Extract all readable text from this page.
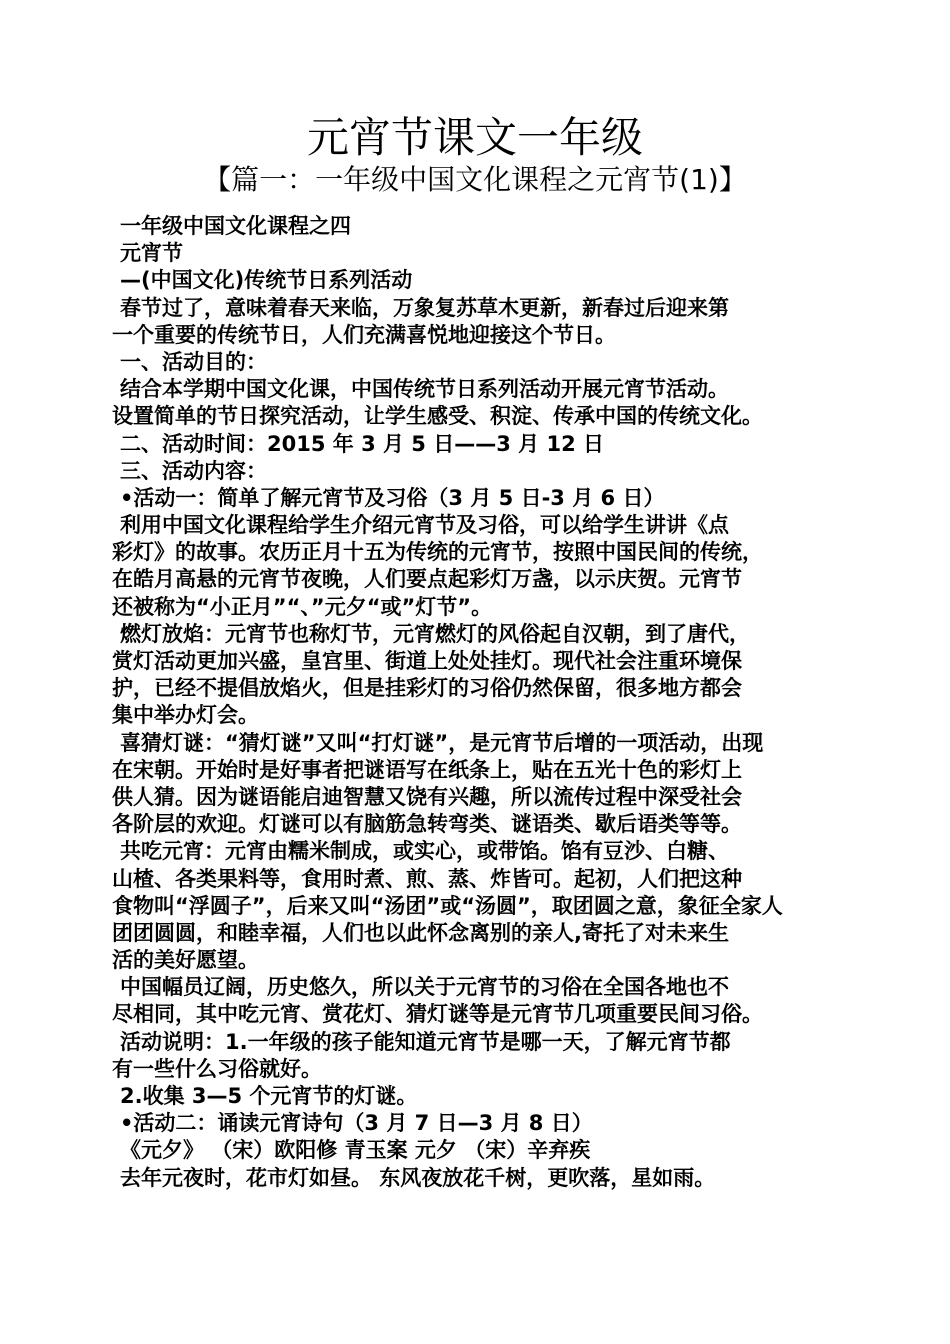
元宵节课文一年级
【篇一：一年级中国文化课程之元宵节(1)】
一年级中国文化课程之四
元宵节
—(中国文化)传统节日系列活动
春节过了，意味着春天来临，万象复苏草木更新，新春过后迎来第
一个重要的传统节日，人们充满喜悦地迎接这个节日。
一、活动目的：
结合本学期中国文化课，中国传统节日系列活动开展元宵节活动。
设置简单的节日探究活动，让学生感受、积淀、传承中国的传统文化。
二、活动时间：2015 年 3 月 5 日——3 月 12 日
三、活动内容：
•活动一：简单了解元宵节及习俗（3 月 5 日-3 月 6 日）
利用中国文化课程给学生介绍元宵节及习俗，可以给学生讲讲《点
彩灯》的故事。农历正月十五为传统的元宵节，按照中国民间的传统，
在皓月高悬的元宵节夜晚，人们要点起彩灯万盏，以示庆贺。元宵节
还被称为“小正月”“、”元夕“或”灯节”。
燃灯放焰：元宵节也称灯节，元宵燃灯的风俗起自汉朝，到了唐代，
赏灯活动更加兴盛，皇宫里、街道上处处挂灯。现代社会注重环境保
护，已经不提倡放焰火，但是挂彩灯的习俗仍然保留，很多地方都会
集中举办灯会。
喜猜灯谜：“猜灯谜”又叫“打灯谜”，是元宵节后增的一项活动，出现
在宋朝。开始时是好事者把谜语写在纸条上，贴在五光十色的彩灯上
供人猜。因为谜语能启迪智慧又饶有兴趣，所以流传过程中深受社会
各阶层的欢迎。灯谜可以有脑筋急转弯类、谜语类、歇后语类等等。
共吃元宵：元宵由糯米制成，或实心，或带馅。馅有豆沙、白糖、
山楂、各类果料等，食用时煮、煎、蒸、炸皆可。起初，人们把这种
食物叫“浮圆子”，后来又叫“汤团”或“汤圆”，取团圆之意，象征全家人
团团圆圆，和睦幸福，人们也以此怀念离别的亲人,寄托了对未来生
活的美好愿望。
中国幅员辽阔，历史悠久，所以关于元宵节的习俗在全国各地也不
尽相同，其中吃元宵、赏花灯、猜灯谜等是元宵节几项重要民间习俗。
活动说明：1.一年级的孩子能知道元宵节是哪一天，了解元宵节都
有一些什么习俗就好。
2.收集 3—5 个元宵节的灯谜。
•活动二：诵读元宵诗句（3 月 7 日—3 月 8 日）
《元夕》 （宋）欧阳修 青玉案 元夕 （宋）辛弃疾
去年元夜时，花市灯如昼。 东风夜放花千树，更吹落，星如雨。
